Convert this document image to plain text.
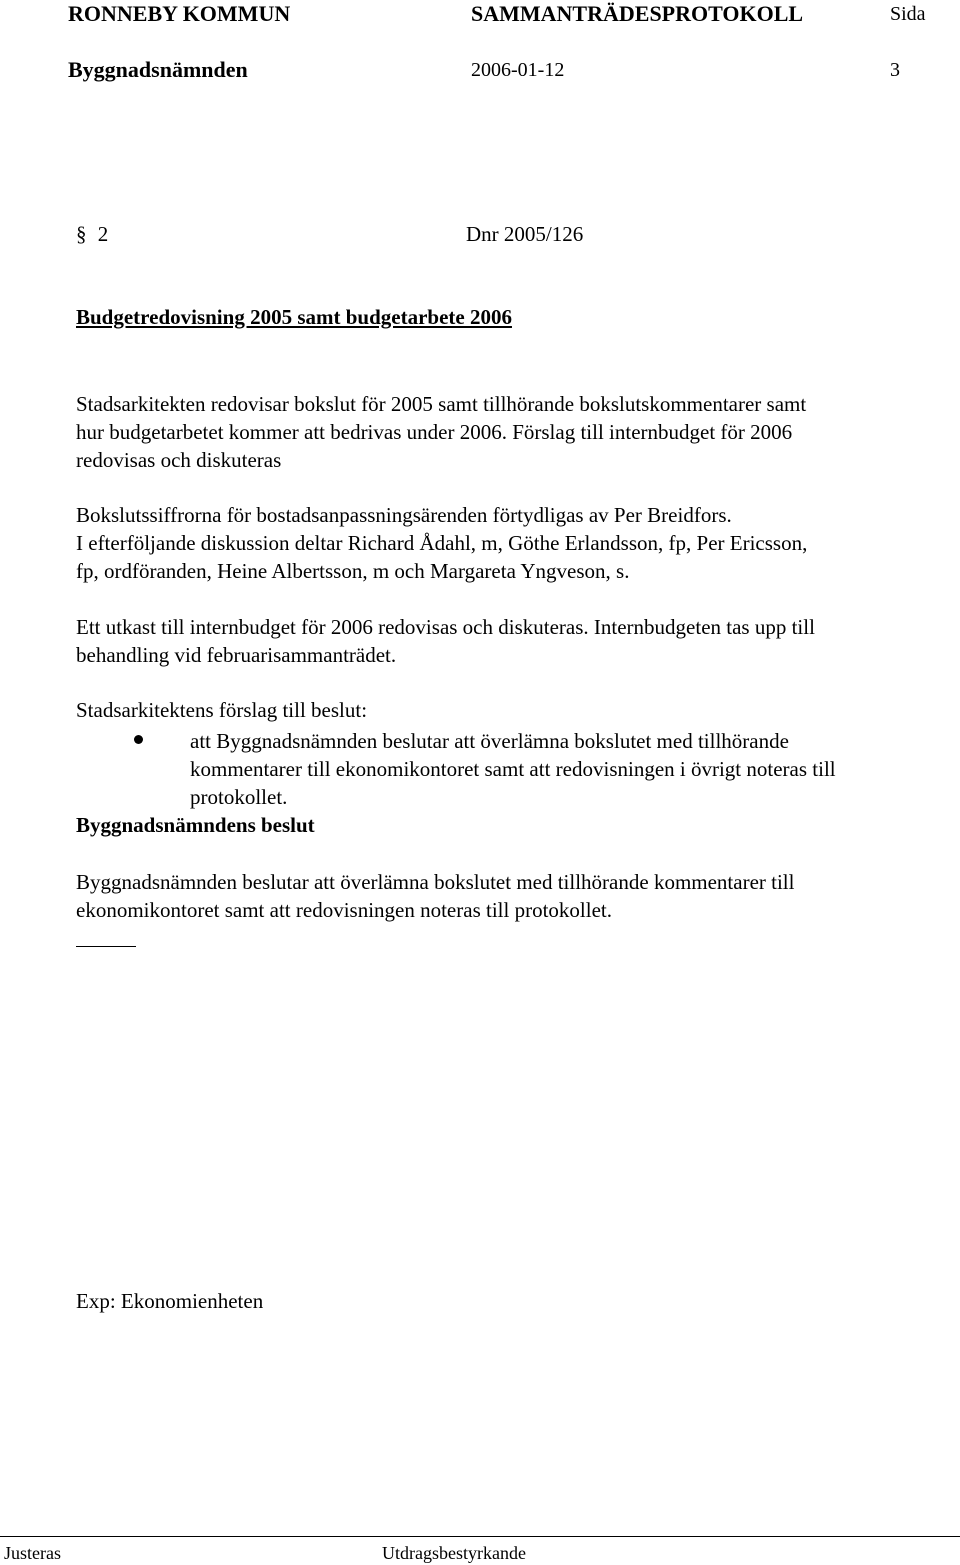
RONNEBY KOMMUN	SAMMANTRÄDESPROTOKOLL	Sida
Byggnadsnämnden	2006-01-12	3
§ 2	Dnr 2005/126
Budgetredovisning 2005 samt budgetarbete 2006
Stadsarkitekten redovisar bokslut för 2005 samt tillhörande bokslutskommentarer samt
hur budgetarbetet kommer att bedrivas under 2006. Förslag till internbudget för 2006
redovisas och diskuteras
Bokslutssiffrorna för bostadsanpassningsärenden förtydligas av Per Breidfors.
I efterföljande diskussion deltar Richard Ådahl, m, Göthe Erlandsson, fp, Per Ericsson,
fp, ordföranden, Heine Albertsson, m och Margareta Yngveson, s.
Ett utkast till internbudget för 2006 redovisas och diskuteras. Internbudgeten tas upp till
behandling vid februarisammanträdet.
Stadsarkitektens förslag till beslut:
att Byggnadsnämnden beslutar att överlämna bokslutet med tillhörande
kommentarer till ekonomikontoret samt att redovisningen i övrigt noteras till
protokollet.
Byggnadsnämndens beslut
Byggnadsnämnden beslutar att överlämna bokslutet med tillhörande kommentarer till
ekonomikontoret samt att redovisningen noteras till protokollet.
Exp: Ekonomienheten
Justeras	Utdragsbestyrkande
